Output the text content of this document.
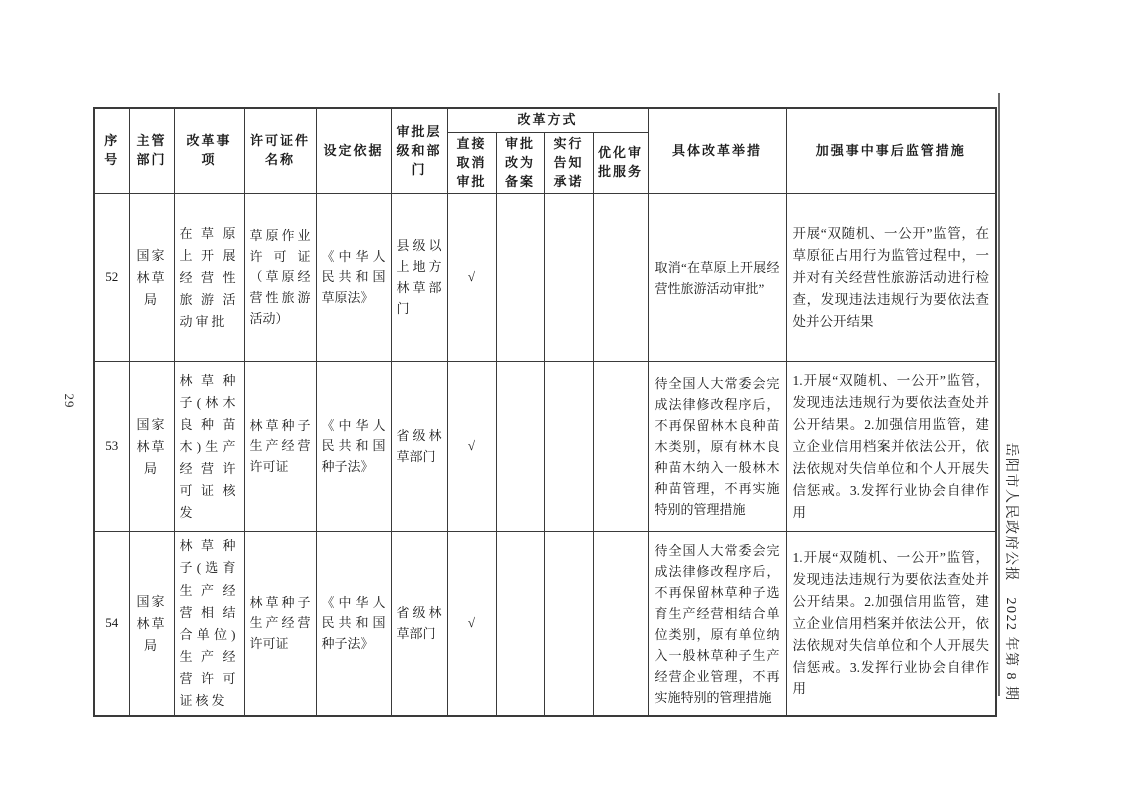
29
岳阳市人民政府公报　2022 年第 8 期
序号	主管部门	改革事项	许可证件名称	设定依据	审批层级和部门	改革方式				具体改革举措	加强事中事后监管措施
						直接取消审批	审批改为备案	实行告知承诺	优化审批服务		
52	国家林草局	在草原上开展经营性旅游活动审批	草原作业许可证（草原经营性旅游活动）	《中华人民共和国草原法》	县级以上地方林草部门	√				取消“在草原上开展经营性旅游活动审批”	开展“双随机、一公开”监管，在草原征占用行为监管过程中，一并对有关经营性旅游活动进行检查，发现违法违规行为要依法查处并公开结果
53	国家林草局	林草种子(林木良种苗木)生产经营许可证核发	林草种子生产经营许可证	《中华人民共和国种子法》	省级林草部门	√				待全国人大常委会完成法律修改程序后，不再保留林木良种苗木类别，原有林木良种苗木纳入一般林木种苗管理，不再实施特别的管理措施	1.开展“双随机、一公开”监管，发现违法违规行为要依法查处并公开结果。2.加强信用监管，建立企业信用档案并依法公开，依法依规对失信单位和个人开展失信惩戒。3.发挥行业协会自律作用
54	国家林草局	林草种子(选育生产经营相结合单位)生产经营许可证核发	林草种子生产经营许可证	《中华人民共和国种子法》	省级林草部门	√				待全国人大常委会完成法律修改程序后，不再保留林草种子选育生产经营相结合单位类别，原有单位纳入一般林草种子生产经营企业管理，不再实施特别的管理措施	1.开展“双随机、一公开”监管，发现违法违规行为要依法查处并公开结果。2.加强信用监管，建立企业信用档案并依法公开，依法依规对失信单位和个人开展失信惩戒。3.发挥行业协会自律作用
